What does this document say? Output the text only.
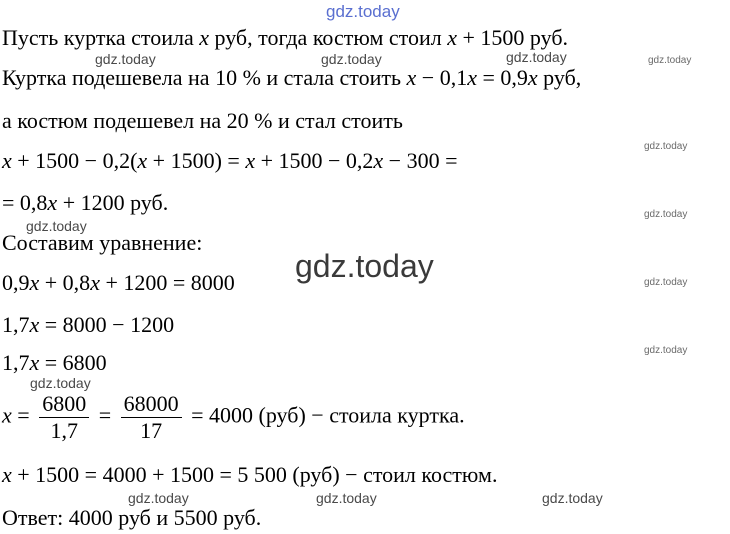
gdz.today
gdz.today	gdz.today	gdz.today	gdz.today
gdz.today
gdz.today
gdz.today
gdz.today	gdz.today
gdz.today
gdz.today
gdz.today	gdz.today	gdz.today

Пусть куртка стоила x руб, тогда костюм стоил x + 1500 руб.

Куртка подешевела на 10 % и стала стоить x − 0,1x = 0,9x руб,

а костюм подешевел на 20 % и стал стоить

x + 1500 − 0,2(x + 1500) = x + 1500 − 0,2x − 300 =

= 0,8x + 1200 руб.

Составим уравнение:

0,9x + 0,8x + 1200 = 8000

1,7x = 8000 − 1200

1,7x = 6800

$x = \frac{6800}{1,7} = \frac{68000}{17} = 4000$ (руб) − стоила куртка.

x + 1500 = 4000 + 1500 = 5 500 (руб) − стоил костюм.

Ответ: 4000 руб и 5500 руб.
